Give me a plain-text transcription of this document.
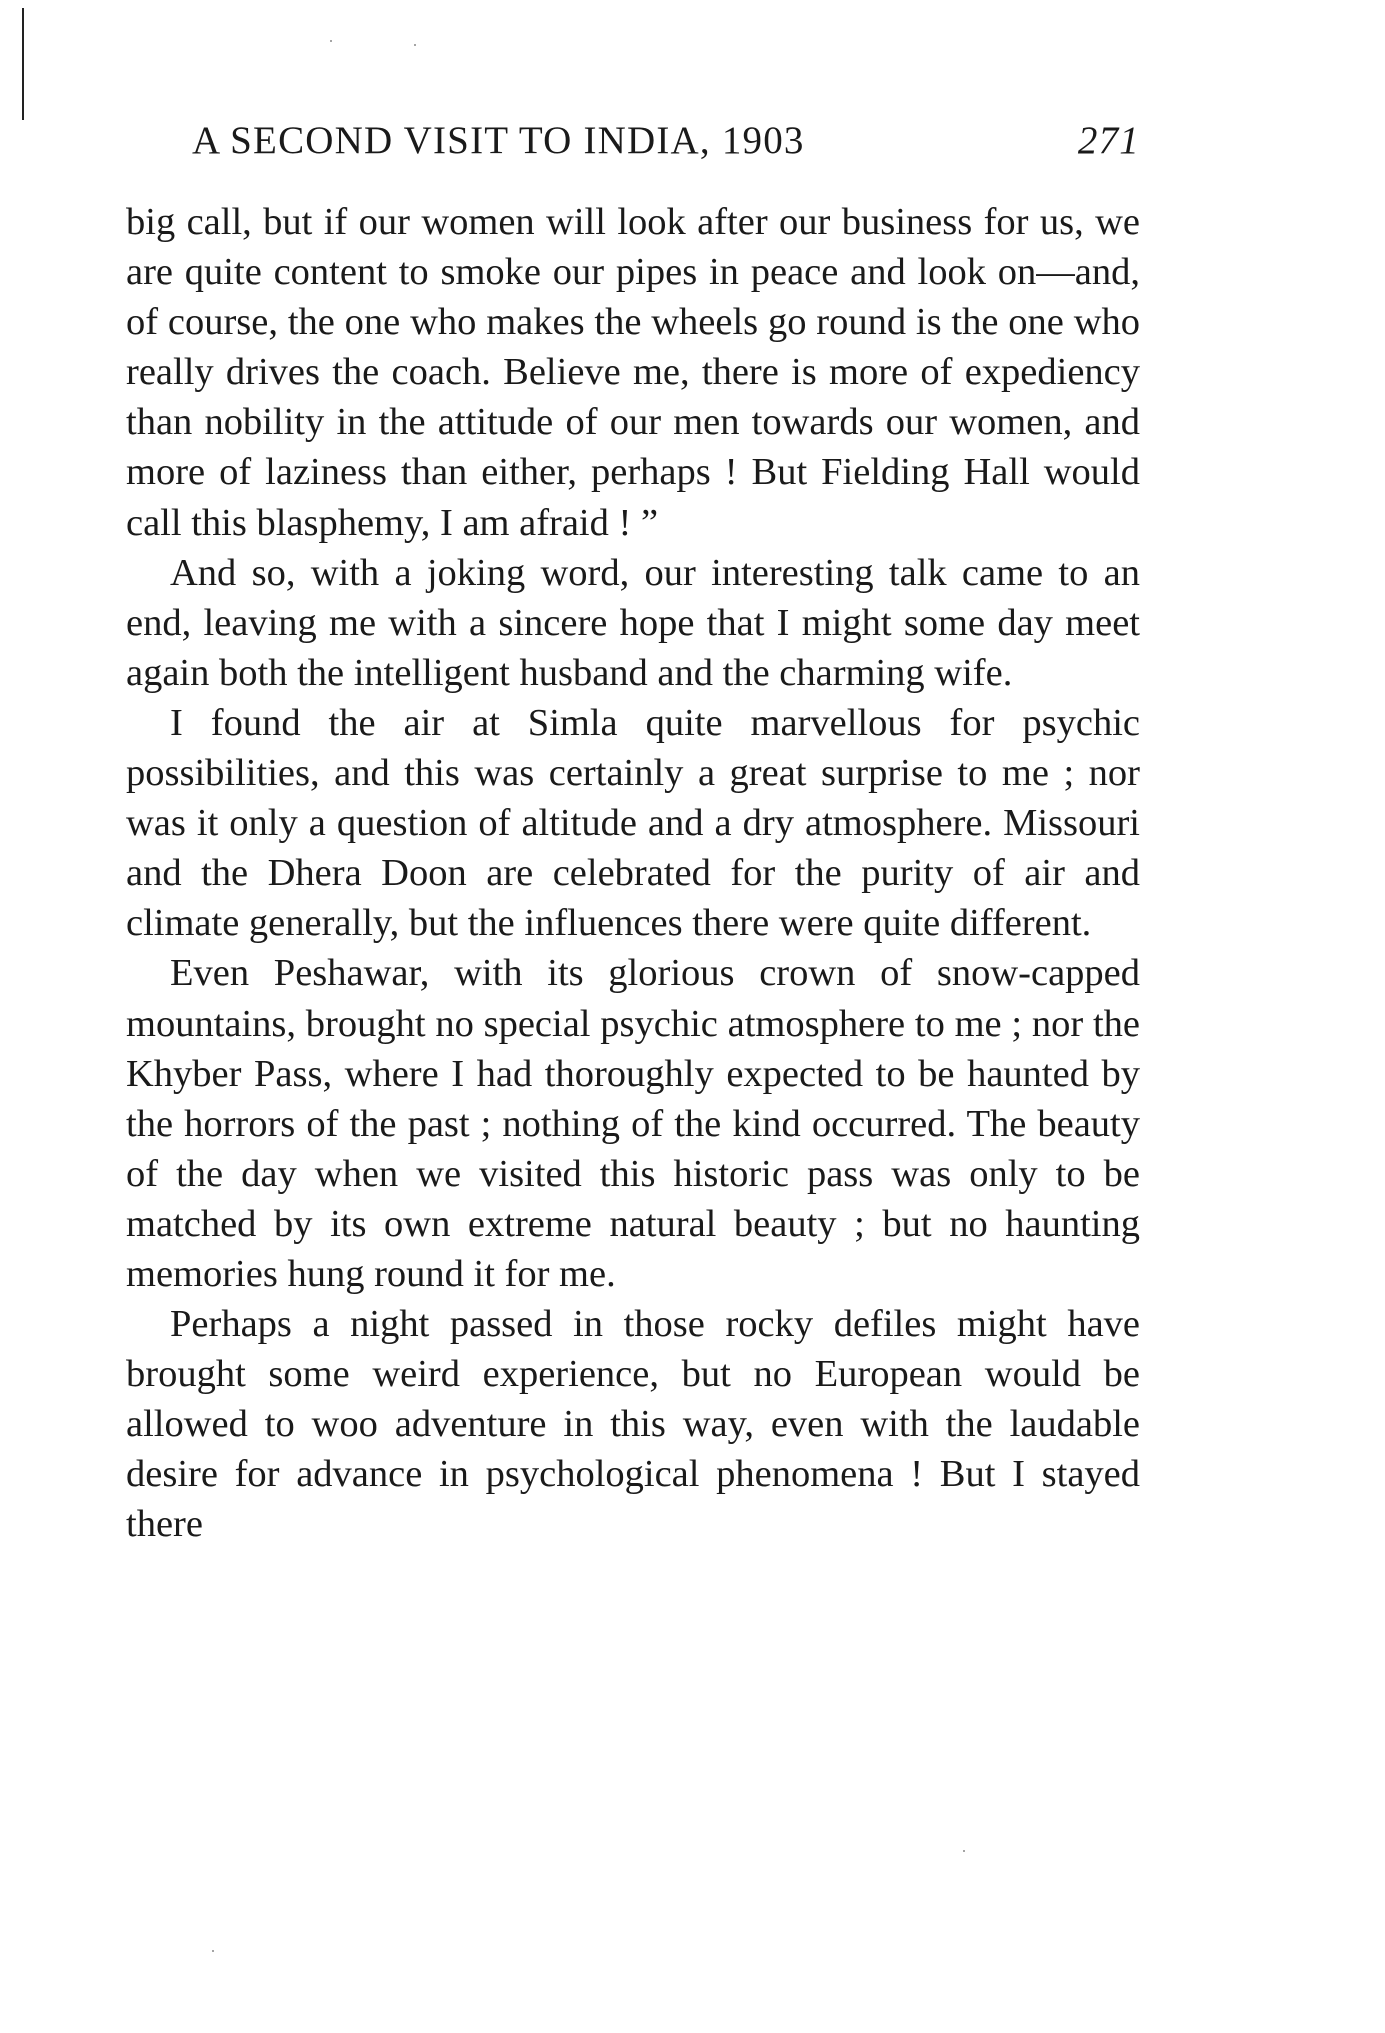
A SECOND VISIT TO INDIA, 1903	271

big call, but if our women will look after our business for us, we are quite content to smoke our pipes in peace and look on—and, of course, the one who makes the wheels go round is the one who really drives the coach. Believe me, there is more of expediency than nobility in the attitude of our men towards our women, and more of laziness than either, perhaps ! But Fielding Hall would call this blasphemy, I am afraid ! ”

And so, with a joking word, our interesting talk came to an end, leaving me with a sincere hope that I might some day meet again both the intelligent husband and the charming wife.

I found the air at Simla quite marvellous for psychic possibilities, and this was certainly a great surprise to me ; nor was it only a question of altitude and a dry atmosphere. Missouri and the Dhera Doon are celebrated for the purity of air and climate generally, but the influences there were quite different.

Even Peshawar, with its glorious crown of snow-capped mountains, brought no special psychic atmosphere to me ; nor the Khyber Pass, where I had thoroughly expected to be haunted by the horrors of the past ; nothing of the kind occurred. The beauty of the day when we visited this historic pass was only to be matched by its own extreme natural beauty ; but no haunting memories hung round it for me.

Perhaps a night passed in those rocky defiles might have brought some weird experience, but no European would be allowed to woo adventure in this way, even with the laudable desire for advance in psychological phenomena ! But I stayed there
